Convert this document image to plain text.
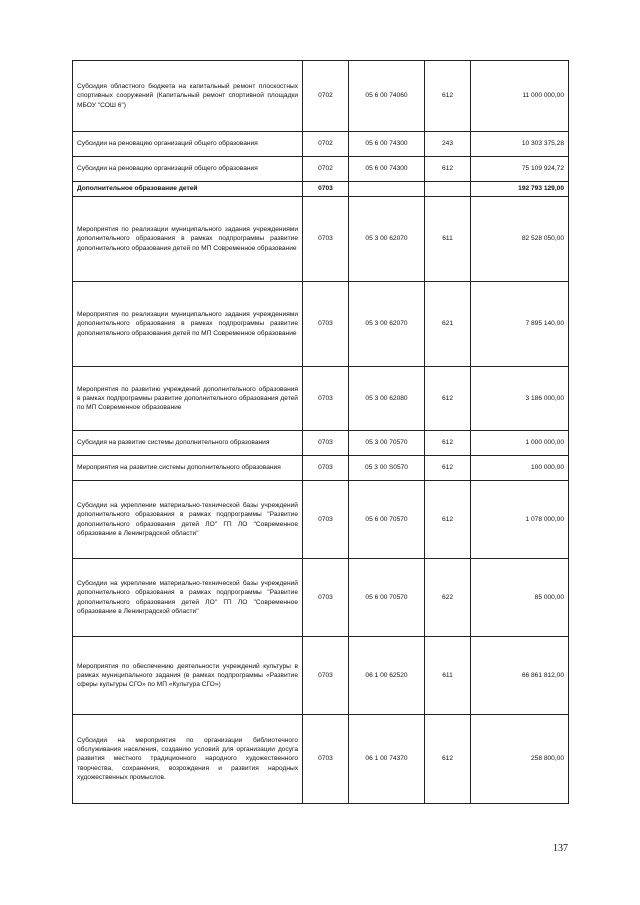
Субсидия областного бюджета на капитальный ремонт плоскостных спортивных сооружений (Капитальный ремонт спортивной площадки МБОУ "СОШ 6")	0702	05 6 00 74060	612	11 000 000,00
Субсидии на реновацию организаций общего образования	0702	05 6 00 74300	243	10 303 375,28
Субсидии на реновацию организаций общего образования	0702	05 6 00 74300	612	75 109 924,72
Дополнительное образование детей	0703			192 793 129,00
Мероприятия по реализации муниципального задания учреждениями дополнительного образования в рамках подпрограммы развитие дополнительного образования детей по МП Современное образование	0703	05 3 00 62070	611	82 528 050,00
Мероприятия по реализации муниципального задания учреждениями дополнительного образования в рамках подпрограммы развитие дополнительного образования детей по МП Современное образование	0703	05 3 00 62070	621	7 895 140,00
Мероприятия по развитию учреждений дополнительного образования в рамках подпрограммы развитие дополнительного образования детей по МП Современное образование	0703	05 3 00 62080	612	3 186 000,00
Субсидия на развитие системы дополнительного образования	0703	05 3 00 70570	612	1 000 000,00
Мероприятия на развитие системы дополнительного образования	0703	05 3 00 S0570	612	100 000,00
Субсидии на укрепление материально-технической базы учреждений дополнительного образования в рамках подпрограммы "Развитие дополнительного образования детей ЛО" ГП ЛО "Современное образование в Ленинградской области"	0703	05 6 00 70570	612	1 078 000,00
Субсидии на укрепление материально-технической базы учреждений дополнительного образования в рамках подпрограммы "Развитие дополнительного образования детей ЛО" ГП ЛО "Современное образование в Ленинградской области"	0703	05 6 00 70570	622	85 000,00
Мероприятия по обеспечению деятельности учреждений культуры в рамках муниципального задания (в рамках подпрограммы «Развитие сферы культуры СГО» по МП «Культура СГО»)	0703	06 1 00 62520	611	66 861 812,00
Субсидии на мероприятия по организации библиотечного обслуживания населения, созданию условий для организации досуга развития местного традиционного народного художественного творчества, сохранения, возрождения и развития народных художественных промыслов.	0703	06 1 00 74370	612	258 800,00
137
